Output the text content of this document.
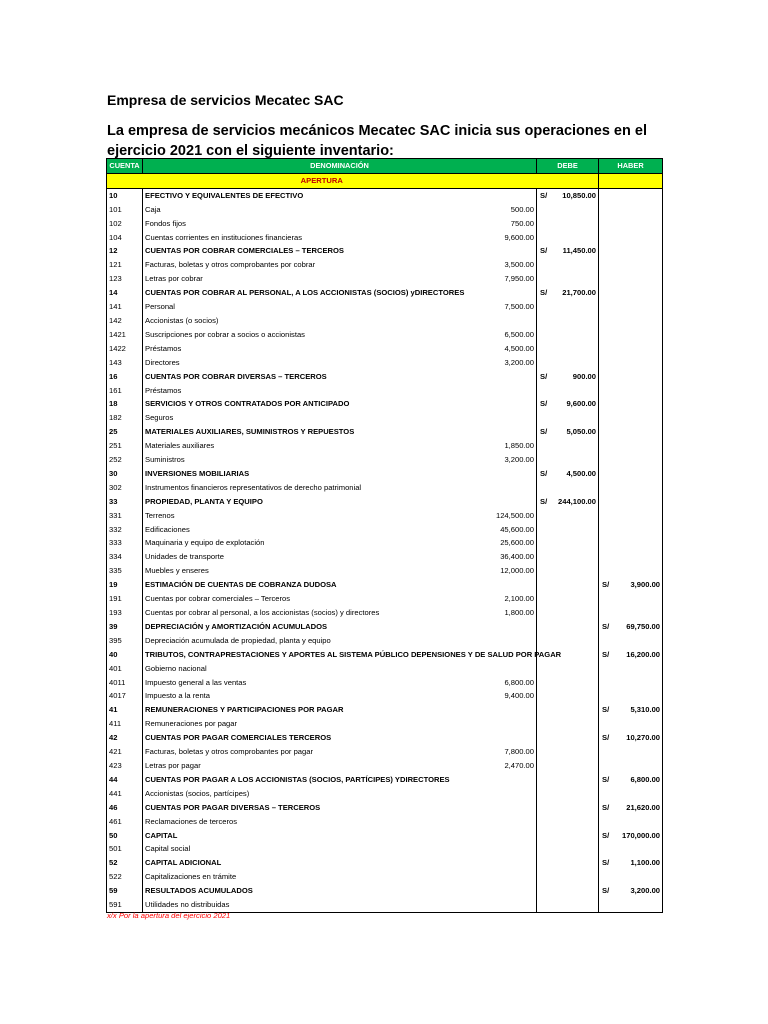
Empresa de servicios Mecatec SAC
La empresa de servicios mecánicos Mecatec SAC inicia sus operaciones en el ejercicio 2021 con el siguiente inventario:
CUENTA	DENOMINACIÓN		DEBE		HABER	
APERTURA						
10	EFECTIVO Y EQUIVALENTES DE EFECTIVO		S/	10,850.00		
101	Caja	500.00				
102	Fondos fijos	750.00				
104	Cuentas corrientes en instituciones financieras	9,600.00				
12	CUENTAS POR COBRAR COMERCIALES – TERCEROS		S/	11,450.00		
121	Facturas, boletas y otros comprobantes por cobrar	3,500.00				
123	Letras por cobrar	7,950.00				
14	CUENTAS POR COBRAR AL PERSONAL, A LOS ACCIONISTAS (SOCIOS) yDIRECTORES		S/	21,700.00		
141	Personal	7,500.00				
142	Accionistas (o socios)					
1421	Suscripciones por cobrar a socios o accionistas	6,500.00				
1422	Préstamos	4,500.00				
143	Directores	3,200.00				
16	CUENTAS POR COBRAR DIVERSAS – TERCEROS		S/	900.00		
161	Préstamos					
18	SERVICIOS Y OTROS CONTRATADOS POR ANTICIPADO		S/	9,600.00		
182	Seguros					
25	MATERIALES AUXILIARES, SUMINISTROS Y REPUESTOS		S/	5,050.00		
251	Materiales auxiliares	1,850.00				
252	Suministros	3,200.00				
30	INVERSIONES MOBILIARIAS		S/	4,500.00		
302	Instrumentos financieros representativos de derecho patrimonial					
33	PROPIEDAD, PLANTA Y EQUIPO		S/	244,100.00		
331	Terrenos	124,500.00				
332	Edificaciones	45,600.00				
333	Maquinaria y equipo de explotación	25,600.00				
334	Unidades de transporte	36,400.00				
335	Muebles y enseres	12,000.00				
19	ESTIMACIÓN DE CUENTAS DE COBRANZA DUDOSA				S/	3,900.00
191	Cuentas por cobrar comerciales – Terceros	2,100.00				
193	Cuentas por cobrar al personal, a los accionistas (socios) y directores	1,800.00				
39	DEPRECIACIÓN y AMORTIZACIÓN ACUMULADOS				S/	69,750.00
395	Depreciación acumulada de propiedad, planta y equipo					
40	TRIBUTOS, CONTRAPRESTACIONES Y APORTES AL SISTEMA PÚBLICO DEPENSIONES Y DE SALUD POR PAGAR				S/	16,200.00
401	Gobierno nacional					
4011	Impuesto general a las ventas	6,800.00				
4017	Impuesto a la renta	9,400.00				
41	REMUNERACIONES Y PARTICIPACIONES POR PAGAR				S/	5,310.00
411	Remuneraciones por pagar					
42	CUENTAS POR PAGAR COMERCIALES TERCEROS				S/	10,270.00
421	Facturas, boletas y otros comprobantes por pagar	7,800.00				
423	Letras por pagar	2,470.00				
44	CUENTAS POR PAGAR A LOS ACCIONISTAS (SOCIOS, PARTÍCIPES) YDIRECTORES				S/	6,800.00
441	Accionistas (socios, partícipes)					
46	CUENTAS POR PAGAR DIVERSAS – TERCEROS				S/	21,620.00
461	Reclamaciones de terceros					
50	CAPITAL				S/	170,000.00
501	Capital social					
52	CAPITAL ADICIONAL				S/	1,100.00
522	Capitalizaciones en trámite					
59	RESULTADOS ACUMULADOS				S/	3,200.00
591	Utilidades no distribuidas					
x/x Por la apertura del ejercicio 2021
